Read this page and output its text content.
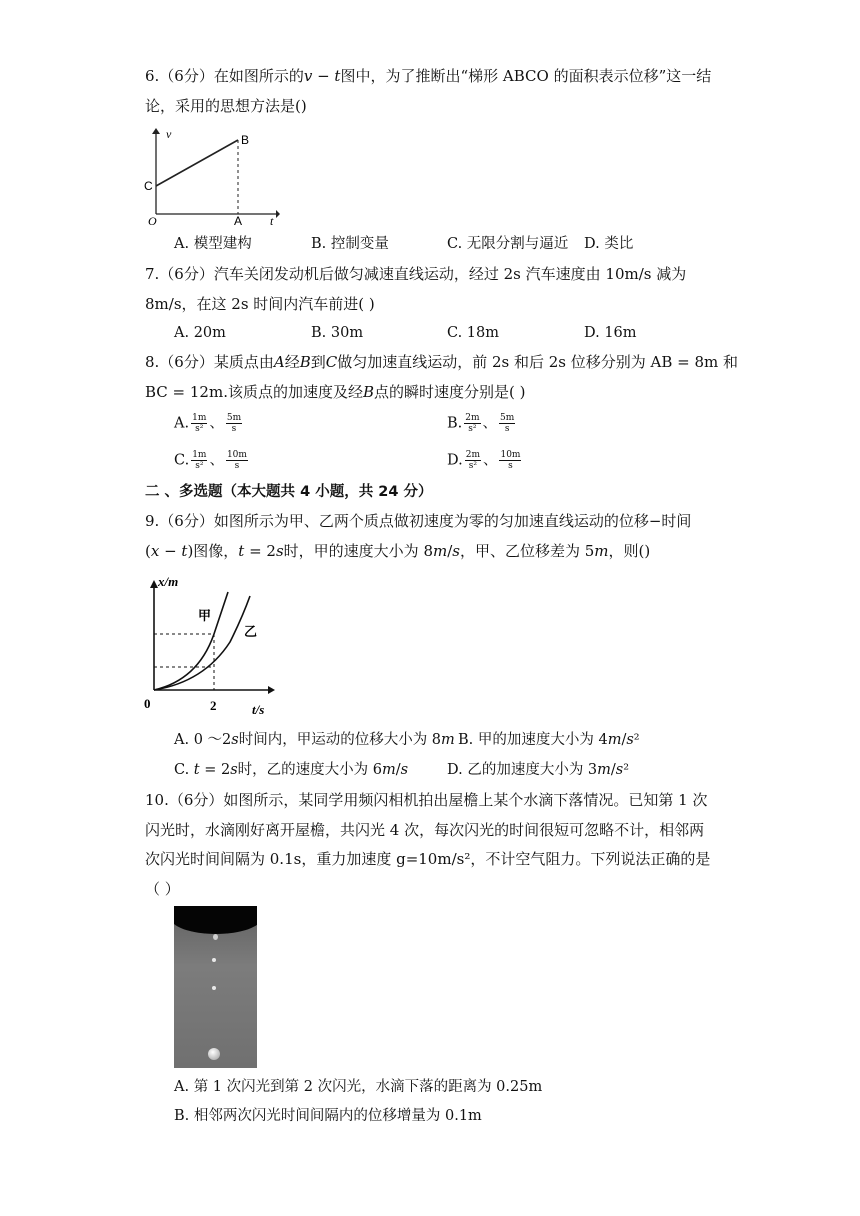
6.（6分）在如图所示的𝑣 − 𝑡图中，为了推断出“梯形 ABCO 的面积表示位移”这一结
论，采用的思想方法是()
v
t
O	A
B
C
A. 模型建构	B. 控制变量	C. 无限分割与逼近 D. 类比
7.（6分）汽车关闭发动机后做匀减速直线运动，经过 2s 汽车速度由 10m/s 减为
8m/s，在这 2s 时间内汽车前进( )
A. 20m	B. 30m	C. 18m	D. 16m
8.（6分）某质点由𝐴经𝐵到𝐶做匀加速直线运动，前 2s 和后 2s 位移分别为 AB = 8m 和
BC = 12m.该质点的加速度及经𝐵点的瞬时速度分别是( )
A. $\frac{1m}{\text{s²}}$ 、 $\frac{5m}{s}$	B. $\frac{2m}{\text{s²}}$ 、 $\frac{5m}{s}$
C. $\frac{1m}{\text{s²}}$ 、 $\frac{10m}{s}$	D. $\frac{2m}{\text{s²}}$ 、 $\frac{10m}{s}$
二 、多选题（本大题共 4 小题，共 24 分）
9.（6分）如图所示为甲、乙两个质点做初速度为零的匀加速直线运动的位移−时间
(𝑥 − 𝑡)图像，𝑡 = 2𝑠时，甲的速度大小为 8𝑚/𝑠，甲、乙位移差为 5𝑚，则()
x/m
t/s
0	2
甲
乙
A. 0 ～2𝑠时间内，甲运动的位移大小为 8𝑚 B. 甲的加速度大小为 4𝑚/𝑠²
C. 𝑡 = 2𝑠时，乙的速度大小为 6𝑚/𝑠	D. 乙的加速度大小为 3𝑚/𝑠²
10.（6分）如图所示，某同学用频闪相机拍出屋檐上某个水滴下落情况。已知第 1 次
闪光时，水滴刚好离开屋檐，共闪光 4 次，每次闪光的时间很短可忽略不计，相邻两
次闪光时间间隔为 0.1s，重力加速度 g=10m/s²，不计空气阻力。下列说法正确的是
（ ）
A. 第 1 次闪光到第 2 次闪光，水滴下落的距离为 0.25m
B. 相邻两次闪光时间间隔内的位移增量为 0.1m
